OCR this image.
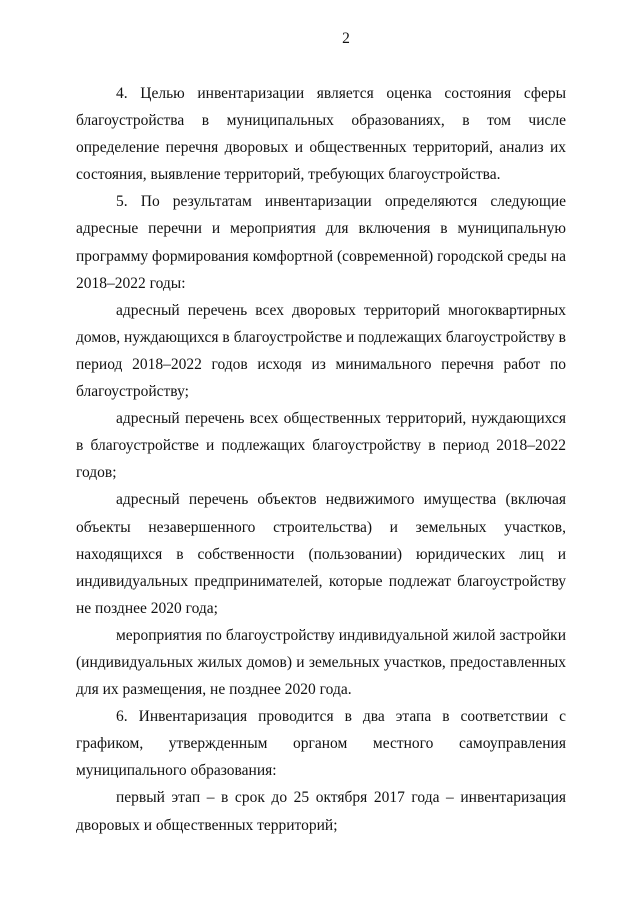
2

4. Целью инвентаризации является оценка состояния сферы благоустройства в муниципальных образованиях, в том числе определение перечня дворовых и общественных территорий, анализ их состояния, выявление территорий, требующих благоустройства.

5. По результатам инвентаризации определяются следующие адресные перечни и мероприятия для включения в муниципальную программу формирования комфортной (современной) городской среды на 2018–2022 годы:

адресный перечень всех дворовых территорий многоквартирных домов, нуждающихся в благоустройстве и подлежащих благоустройству в период 2018–2022 годов исходя из минимального перечня работ по благоустройству;

адресный перечень всех общественных территорий, нуждающихся в благоустройстве и подлежащих благоустройству в период 2018–2022 годов;

адресный перечень объектов недвижимого имущества (включая объекты незавершенного строительства) и земельных участков, находящихся в собственности (пользовании) юридических лиц и индивидуальных предпринимателей, которые подлежат благоустройству не позднее 2020 года;

мероприятия по благоустройству индивидуальной жилой застройки (индивидуальных жилых домов) и земельных участков, предоставленных для их размещения, не позднее 2020 года.

6. Инвентаризация проводится в два этапа в соответствии с графиком, утвержденным органом местного самоуправления муниципального образования:

первый этап – в срок до 25 октября 2017 года – инвентаризация дворовых и общественных территорий;
